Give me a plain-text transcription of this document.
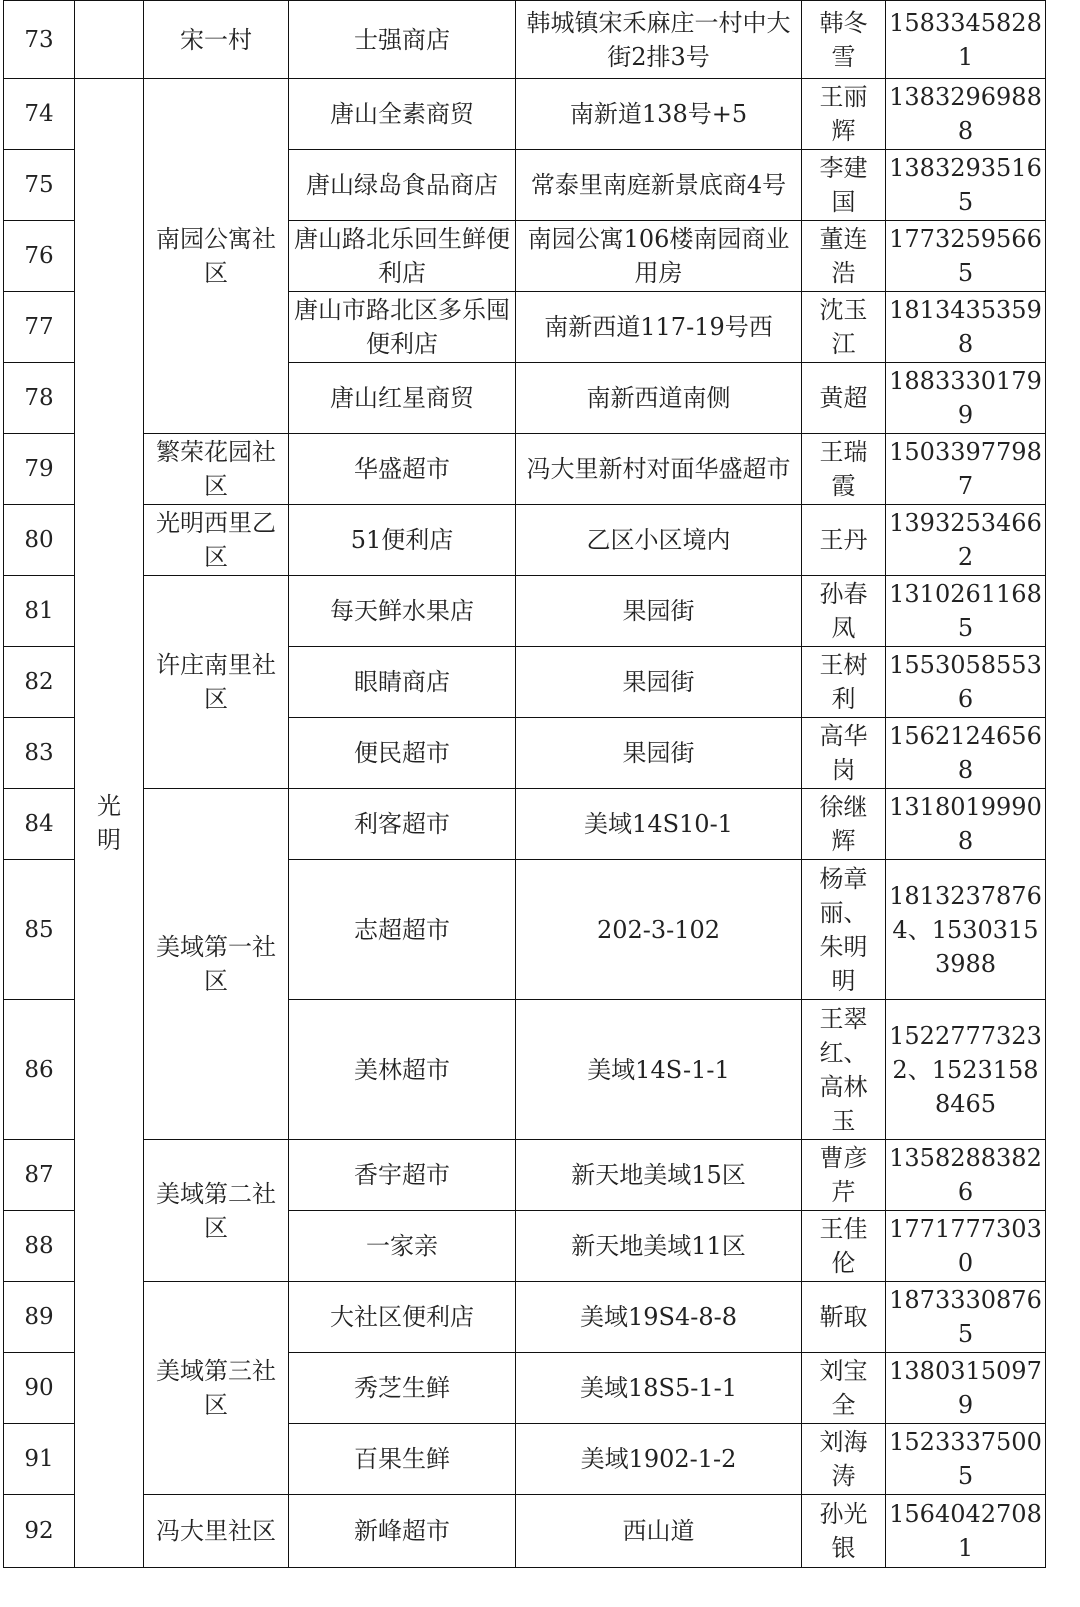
73		宋一村	士强商店	韩城镇宋禾麻庄一村中大街2排3号	韩冬雪	15833458281
74	光明	南园公寓社区	唐山全素商贸	南新道138号+5	王丽辉	13832969888
75			唐山绿岛食品商店	常泰里南庭新景底商4号	李建国	13832935165
76			唐山路北乐回生鲜便利店	南园公寓106楼南园商业用房	董连浩	17732595665
77			唐山市路北区多乐囤便利店	南新西道117-19号西	沈玉江	18134353598
78			唐山红星商贸	南新西道南侧	黄超	18833301799
79		繁荣花园社区	华盛超市	冯大里新村对面华盛超市	王瑞霞	15033977987
80		光明西里乙区	51便利店	乙区小区境内	王丹	13932534662
81		许庄南里社区	每天鲜水果店	果园街	孙春凤	13102611685
82			眼睛商店	果园街	王树利	15530585536
83			便民超市	果园街	高华岗	15621246568
84		美域第一社区	利客超市	美域14S10-1	徐继辉	13180199908
85			志超超市	202-3-102	杨章丽、朱明明	18132378764、15303153988
86			美林超市	美域14S-1-1	王翠红、高林玉	15227773232、15231588465
87		美域第二社区	香宇超市	新天地美域15区	曹彦芹	13582883826
88			一家亲	新天地美域11区	王佳伦	17717773030
89		美域第三社区	大社区便利店	美域19S4-8-8	靳取	18733308765
90			秀芝生鲜	美域18S5-1-1	刘宝全	13803150979
91			百果生鲜	美域1902-1-2	刘海涛	15233375005
92		冯大里社区	新峰超市	西山道	孙光银	15640427081
